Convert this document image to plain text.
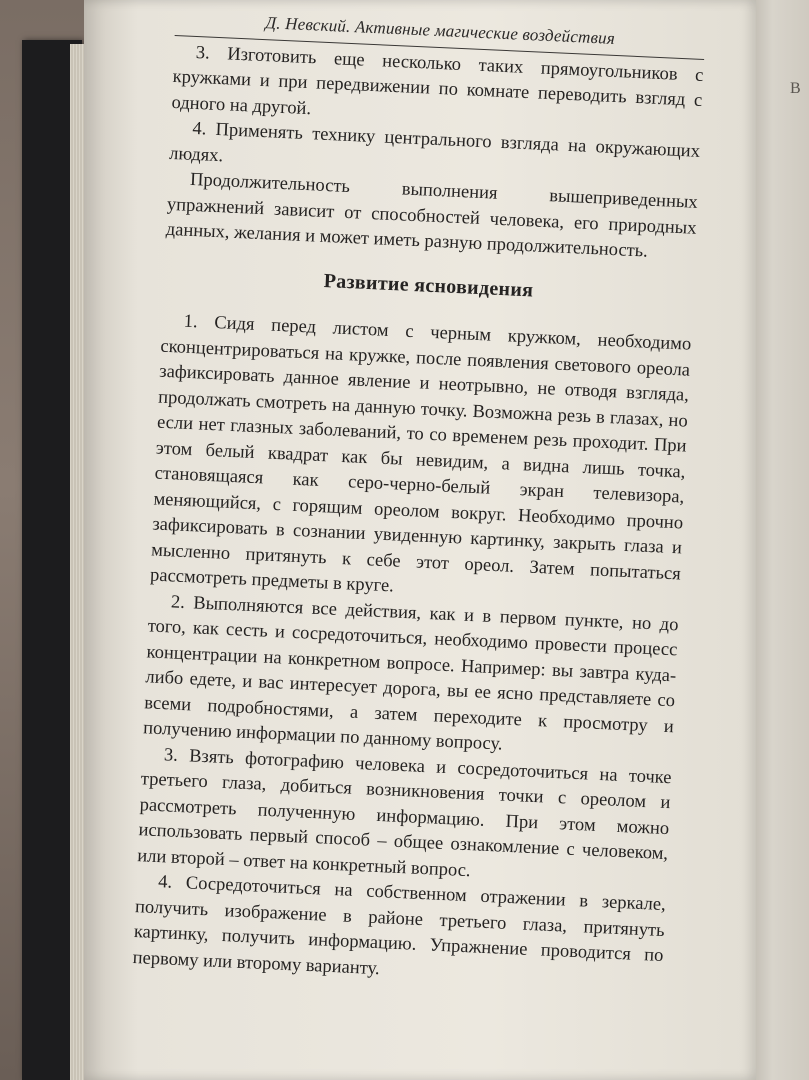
В
Д. Невский. Активные магические воздействия

3. Изготовить еще несколько таких прямоугольников с кружками и при передвижении по комнате переводить взгляд с одного на другой.

4. Применять технику центрального взгляда на окружающих людях.

Продолжительность выполнения вышеприведенных упражнений зависит от способностей человека, его природных данных, желания и может иметь разную продолжительность.

Развитие ясновидения

1. Сидя перед листом с черным кружком, необходимо сконцентрироваться на кружке, после появления светового ореола зафиксировать данное явление и неотрывно, не отводя взгляда, продолжать смотреть на данную точку. Возможна резь в глазах, но если нет глазных заболеваний, то со временем резь проходит. При этом белый квадрат как бы невидим, а видна лишь точка, становящаяся как серо-черно-белый экран телевизора, меняющийся, с горящим ореолом вокруг. Необходимо прочно зафиксировать в сознании увиденную картинку, закрыть глаза и мысленно притянуть к себе этот ореол. Затем попытаться рассмотреть предметы в круге.

2. Выполняются все действия, как и в первом пункте, но до того, как сесть и сосредоточиться, необходимо провести процесс концентрации на конкретном вопросе. Например: вы завтра куда-либо едете, и вас интересует дорога, вы ее ясно представляете со всеми подробностями, а затем переходите к просмотру и получению информации по данному вопросу.

3. Взять фотографию человека и сосредоточиться на точке третьего глаза, добиться возникновения точки с ореолом и рассмотреть полученную информацию. При этом можно использовать первый способ – общее ознакомление с человеком, или второй – ответ на конкретный вопрос.

4. Сосредоточиться на собственном отражении в зеркале, получить изображение в районе третьего глаза, притянуть картинку, получить информацию. Упражнение проводится по первому или второму варианту.
